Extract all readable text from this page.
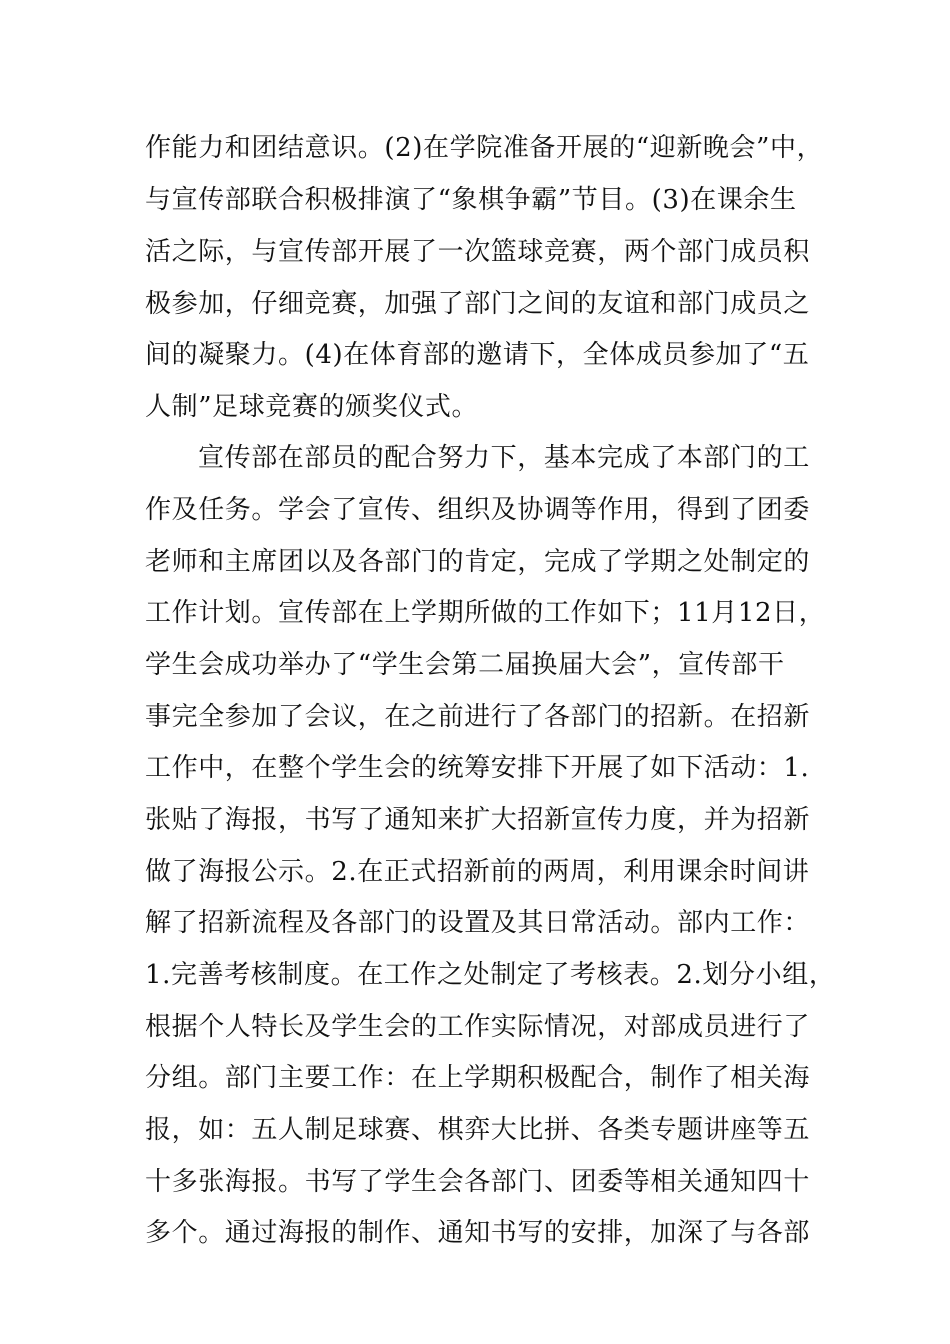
作能力和团结意识。(2)在学院准备开展的“迎新晚会”中，
与宣传部联合积极排演了“象棋争霸”节目。(3)在课余生
活之际，与宣传部开展了一次篮球竞赛，两个部门成员积
极参加，仔细竞赛，加强了部门之间的友谊和部门成员之
间的凝聚力。(4)在体育部的邀请下，全体成员参加了“五
人制”足球竞赛的颁奖仪式。
宣传部在部员的配合努力下，基本完成了本部门的工
作及任务。学会了宣传、组织及协调等作用，得到了团委
老师和主席团以及各部门的肯定，完成了学期之处制定的
工作计划。宣传部在上学期所做的工作如下；11月12日，
学生会成功举办了“学生会第二届换届大会”，宣传部干
事完全参加了会议，在之前进行了各部门的招新。在招新
工作中，在整个学生会的统筹安排下开展了如下活动：1.
张贴了海报，书写了通知来扩大招新宣传力度，并为招新
做了海报公示。2.在正式招新前的两周，利用课余时间讲
解了招新流程及各部门的设置及其日常活动。部内工作：
1.完善考核制度。在工作之处制定了考核表。2.划分小组，
根据个人特长及学生会的工作实际情况，对部成员进行了
分组。部门主要工作：在上学期积极配合，制作了相关海
报，如：五人制足球赛、棋弈大比拼、各类专题讲座等五
十多张海报。书写了学生会各部门、团委等相关通知四十
多个。通过海报的制作、通知书写的安排，加深了与各部
